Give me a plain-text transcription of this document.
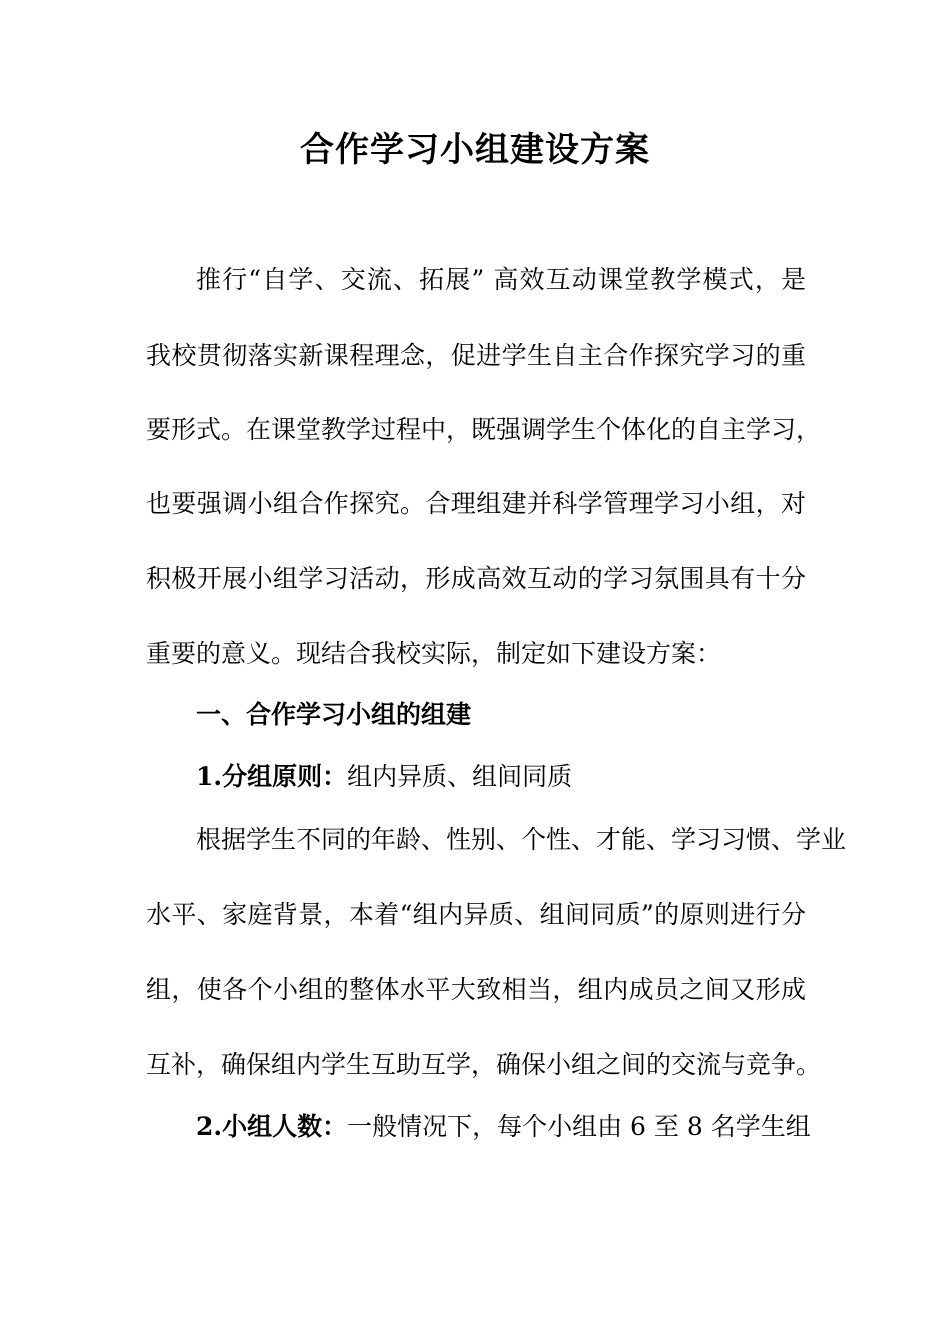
合作学习小组建设方案
推行“自学、交流、拓展” 高效互动课堂教学模式，是
我校贯彻落实新课程理念，促进学生自主合作探究学习的重
要形式。在课堂教学过程中，既强调学生个体化的自主学习，
也要强调小组合作探究。合理组建并科学管理学习小组，对
积极开展小组学习活动，形成高效互动的学习氛围具有十分
重要的意义。现结合我校实际，制定如下建设方案：
一、合作学习小组的组建
1.分组原则：组内异质、组间同质
根据学生不同的年龄、性别、个性、才能、学习习惯、学业
水平、家庭背景，本着“组内异质、组间同质”的原则进行分
组，使各个小组的整体水平大致相当，组内成员之间又形成
互补，确保组内学生互助互学，确保小组之间的交流与竞争。
2.小组人数：一般情况下，每个小组由 6 至 8 名学生组
